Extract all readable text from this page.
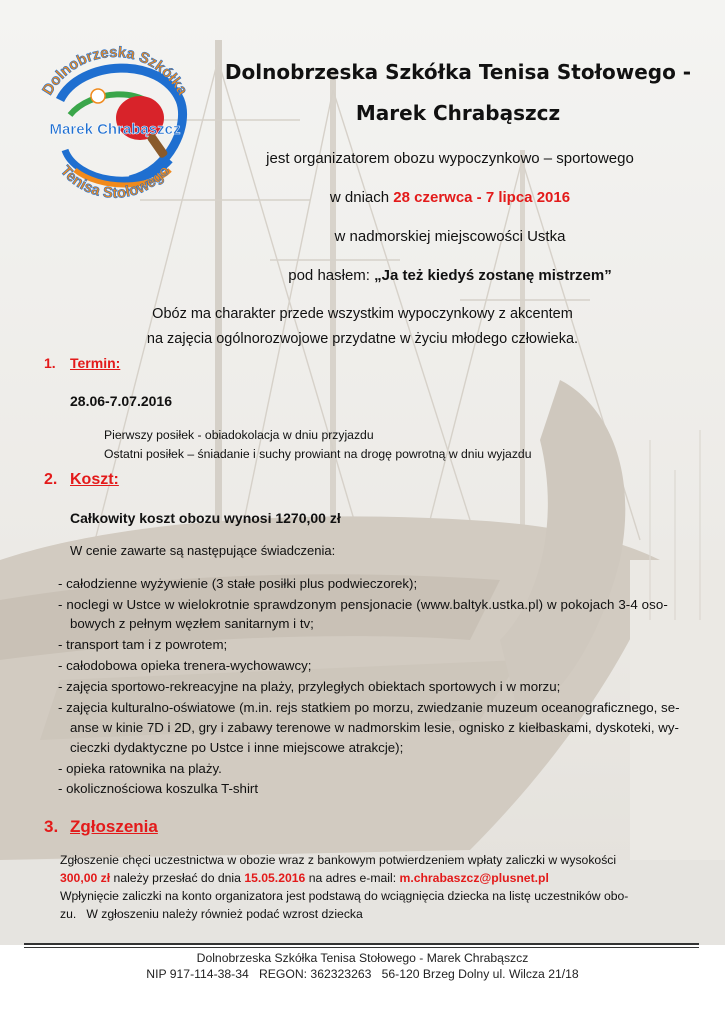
Dolnobrzeska Szkółka
Marek Chrabąszcz
Tenisa Stołowego
Dolnobrzeska Szkółka Tenisa Stołowego -
Marek Chrabąszcz
jest organizatorem obozu wypoczynkowo – sportowego
w dniach 28 czerwca - 7 lipca 2016
w nadmorskiej miejscowości Ustka
pod hasłem: „Ja też kiedyś zostanę mistrzem”
Obóz ma charakter przede wszystkim wypoczynkowy z akcentem
na zajęcia ogólnorozwojowe przydatne w życiu młodego człowieka.
1. Termin:
28.06-7.07.2016
Pierwszy posiłek - obiadokolacja w dniu przyjazdu
Ostatni posiłek – śniadanie i suchy prowiant na drogę powrotną w dniu wyjazdu
2. Koszt:
Całkowity koszt obozu wynosi 1270,00 zł
W cenie zawarte są następujące świadczenia:
- całodzienne wyżywienie (3 stałe posiłki plus podwieczorek);
- noclegi w Ustce w wielokrotnie sprawdzonym pensjonacie (www.baltyk.ustka.pl) w pokojach 3-4 oso-
bowych z pełnym węzłem sanitarnym i tv;
- transport tam i z powrotem;
- całodobowa opieka trenera-wychowawcy;
- zajęcia sportowo-rekreacyjne na plaży, przyległych obiektach sportowych i w morzu;
- zajęcia kulturalno-oświatowe (m.in. rejs statkiem po morzu, zwiedzanie muzeum oceanograficznego, se-
anse w kinie 7D i 2D, gry i zabawy terenowe w nadmorskim lesie, ognisko z kiełbaskami, dyskoteki, wy-
cieczki dydaktyczne po Ustce i inne miejscowe atrakcje);
- opieka ratownika na plaży.
- okolicznościowa koszulka T-shirt
3. Zgłoszenia
Zgłoszenie chęci uczestnictwa w obozie wraz z bankowym potwierdzeniem wpłaty zaliczki w wysokości
300,00 zł należy przesłać do dnia 15.05.2016 na adres e-mail: m.chrabaszcz@plusnet.pl
Wpłynięcie zaliczki na konto organizatora jest podstawą do wciągnięcia dziecka na listę uczestników obo-
zu.   W zgłoszeniu należy również podać wzrost dziecka
Dolnobrzeska Szkółka Tenisa Stołowego - Marek Chrabąszcz
NIP 917-114-38-34   REGON: 362323263   56-120 Brzeg Dolny ul. Wilcza 21/18
